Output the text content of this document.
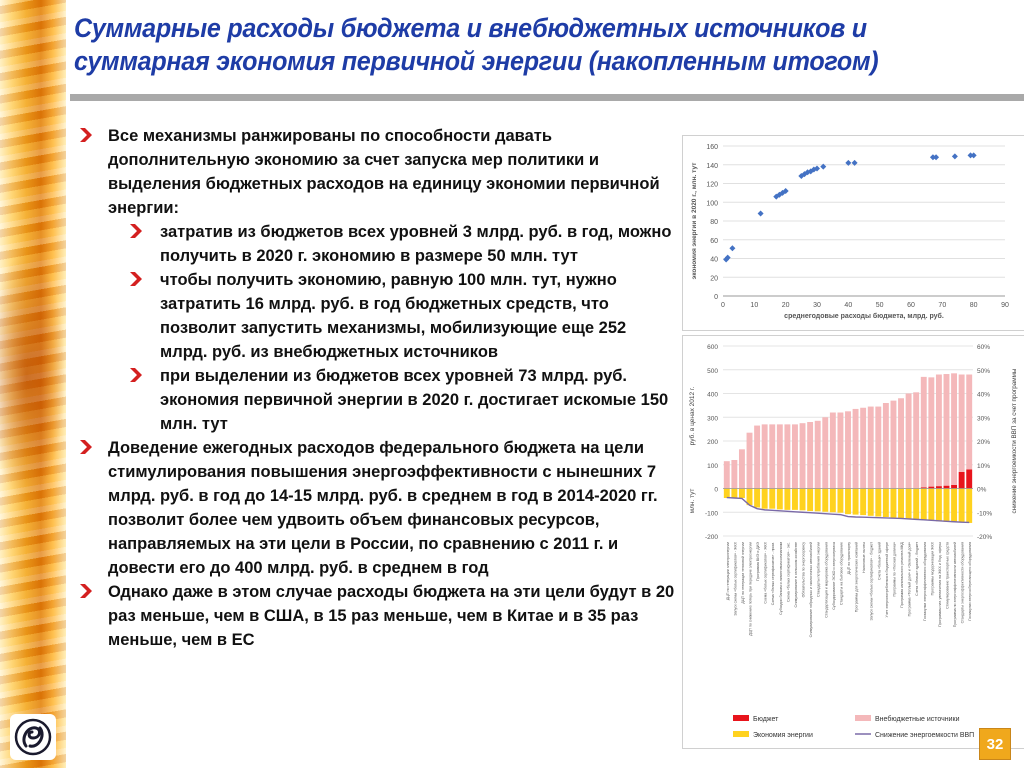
Суммарные расходы бюджета и внебюджетных источников и суммарная экономия первичной энергии (накопленным итогом)
Все механизмы ранжированы по способности давать дополнительную экономию за счет запуска мер политики и выделения бюджетных расходов на единицу экономии первичной энергии:
затратив из бюджетов всех уровней 3 млрд. руб. в год, можно получить в 2020 г. экономию в размере 50 млн. тут
чтобы получить экономию, равную 100 млн. тут, нужно затратить 16 млрд. руб. в год бюджетных средств, что позволит запустить механизмы, мобилизующие еще 252 млрд. руб. из внебюджетных источников
при выделении из бюджетов всех уровней 73 млрд. руб. экономия первичной энергии в 2020 г. достигает искомые 150 млн. тут
Доведение ежегодных расходов федерального бюджета на цели стимулирования повышения энергоэффективности с нынешних 7 млрд. руб. в год до 14-15 млрд. руб. в среднем в год в 2014-2020 гг. позволит более чем удвоить объем финансовых ресурсов, направляемых на эти цели в России, по сравнению с 2011 г. и довести его до 400 млрд. руб. в среднем в год
Однако даже в этом случае расходы бюджета на эти цели будут в 20 раз меньше, чем в США, в 15 раз меньше, чем в Китае и в 35 раз меньше, чем в ЕС
0
20
40
60
80
100
120
140
160
0	10	20	30	40	50	60	70	80	90
среднегодовые расходы бюджета, млрд. руб.
экономия энергии в 2020 г., млн. тут
-200
-100
0
100
200
300
400
500
600
-20%
-10%
0%
10%
20%
30%
40%
50%
60%
руб. в ценах 2012 г.
млн. тут	снижение энергоемкости ВВП за счет программы
ДЦП по генерации электроэнергии Запуск схемы «белых сертификатов» - ЖКХ ДЦП по генерации тепловой энергии ДЦП по снижению потерь при передаче электроэнергии Программа ВИЭ и ДИЭ Схема «белых сертификатов» - ЖКХ Схема «белых сертификатов» - пром. Субсидии банкам и лизинговым компаниям Схема «белых сертификатов» - экс. Стимулирование в сельском хозяйстве Обязательства по энергосервису Стимулирование гибридных и экологичных автомобилей Стандарты потребления энергии Стандартизация и маркировка оборудования Субсидирование ЭСКО и энергосервиса Стандарты на бытовое оборудование ДЦП по транспорту Программы для энергетических компаний Налоговые льготы Запуск схемы «белых сертификатов» - бюджет Счета «белых» зданий Учет энергопотребления в бюджетной сфере Программы по «Лесная долина» Программа капитального ремонта МКД Программа «Теплый дом» и «Зеленый дом» Счета «белых» зданий - бюджет Госзакупки энергоэффективного оборудования Программы модернизации ЖКХ Программы нат. увеличения на ЖКХ и бюд. сферы Стимулирование транспортных средств Программа по энергоэффективности автомобилей Стандарты энергоэффективности оборудования Госзакупки энергосберегающего оборудования
Бюджет	Внебюджетные источники
Экономия энергии	Снижение энергоемкости ВВП 32
